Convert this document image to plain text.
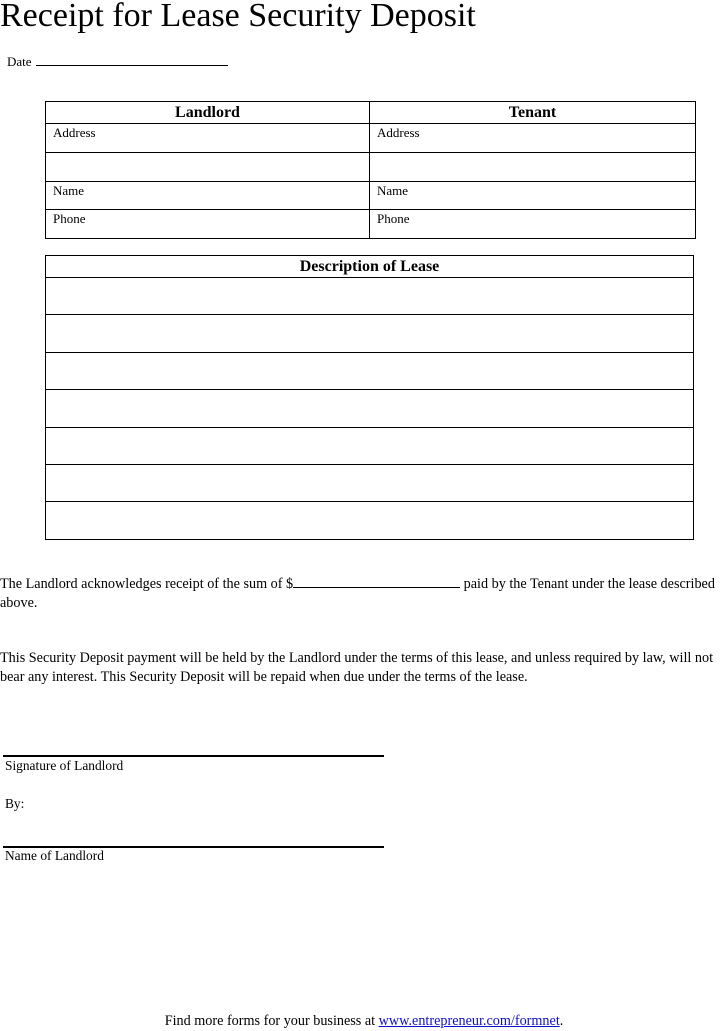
Receipt for Lease Security Deposit
Date
Landlord	Tenant

Address	Address

Name	Name

Phone	Phone
Description of Lease

The Landlord acknowledges receipt of the sum of $	paid by the Tenant under the lease described above.
This Security Deposit payment will be held by the Landlord under the terms of this lease, and unless required by law, will not bear any interest. This Security Deposit will be repaid when due under the terms of the lease.
Signature of Landlord
By:
Name of Landlord
Find more forms for your business at www.entrepreneur.com/formnet.
